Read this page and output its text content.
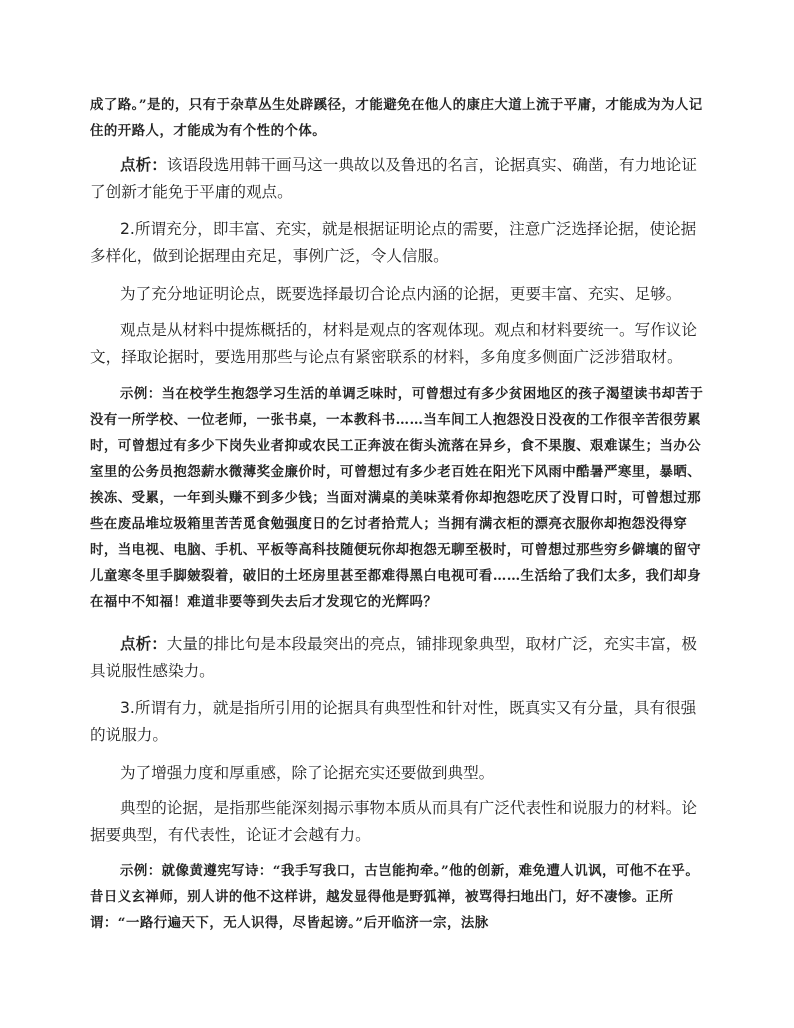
成了路。”是的，只有于杂草丛生处辟蹊径，才能避免在他人的康庄大道上流于平庸，才能成为为人记住的开路人，才能成为有个性的个体。

点析：该语段选用韩干画马这一典故以及鲁迅的名言，论据真实、确凿，有力地论证了创新才能免于平庸的观点。

2.所谓充分，即丰富、充实，就是根据证明论点的需要，注意广泛选择论据，使论据多样化，做到论据理由充足，事例广泛，令人信服。

为了充分地证明论点，既要选择最切合论点内涵的论据，更要丰富、充实、足够。

观点是从材料中提炼概括的，材料是观点的客观体现。观点和材料要统一。写作议论文，择取论据时，要选用那些与论点有紧密联系的材料，多角度多侧面广泛涉猎取材。

示例：当在校学生抱怨学习生活的单调乏味时，可曾想过有多少贫困地区的孩子渴望读书却苦于没有一所学校、一位老师，一张书桌，一本教科书……当车间工人抱怨没日没夜的工作很辛苦很劳累时，可曾想过有多少下岗失业者抑或农民工正奔波在街头流落在异乡，食不果腹、艰难谋生；当办公室里的公务员抱怨薪水微薄奖金廉价时，可曾想过有多少老百姓在阳光下风雨中酷暑严寒里，暴晒、挨冻、受累，一年到头赚不到多少钱；当面对满桌的美味菜肴你却抱怨吃厌了没胃口时，可曾想过那些在废品堆垃圾箱里苦苦觅食勉强度日的乞讨者拾荒人；当拥有满衣柜的漂亮衣服你却抱怨没得穿时，当电视、电脑、手机、平板等高科技随便玩你却抱怨无聊至极时，可曾想过那些穷乡僻壤的留守儿童寒冬里手脚皴裂着，破旧的土坯房里甚至都难得黑白电视可看……生活给了我们太多，我们却身在福中不知福！难道非要等到失去后才发现它的光辉吗？

点析：大量的排比句是本段最突出的亮点，铺排现象典型，取材广泛，充实丰富，极具说服性感染力。

3.所谓有力，就是指所引用的论据具有典型性和针对性，既真实又有分量，具有很强的说服力。

为了增强力度和厚重感，除了论据充实还要做到典型。

典型的论据，是指那些能深刻揭示事物本质从而具有广泛代表性和说服力的材料。论据要典型，有代表性，论证才会越有力。

示例：就像黄遵宪写诗：“我手写我口，古岂能拘牵。”他的创新，难免遭人讥讽，可他不在乎。昔日义玄禅师，别人讲的他不这样讲，越发显得他是野狐禅，被骂得扫地出门，好不凄惨。正所谓：“一路行遍天下，无人识得，尽皆起谤。”后开临济一宗，法脉
